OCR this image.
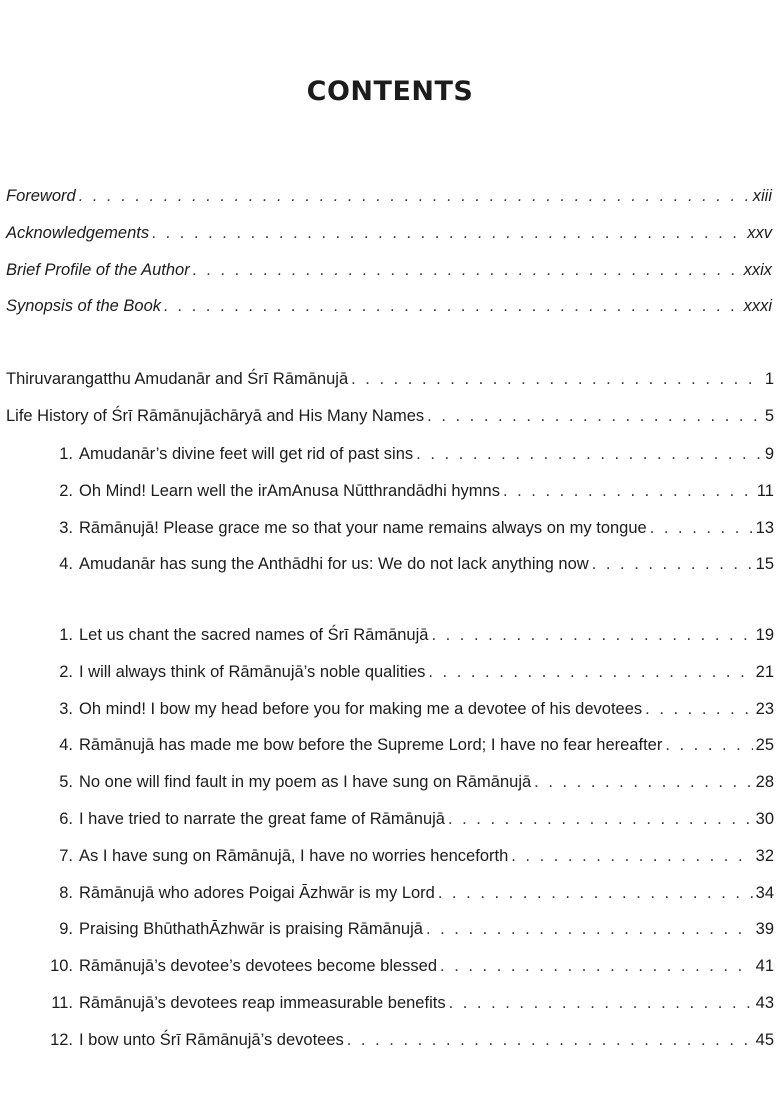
CONTENTS
Foreword . . .	xiii
Acknowledgements . . .	xxv
Brief Profile of the Author . . .	xxix
Synopsis of the Book . . .	xxxi
Thiruvarangatthu Amudanār and Śrī Rāmānujā . . .	1
Life History of Śrī Rāmānujāchāryā and His Many Names . . .	5
1. Amudanār’s divine feet will get rid of past sins . . .	9
2. Oh Mind! Learn well the irAmAnusa Nūtthrandādhi hymns . . .	11
3. Rāmānujā! Please grace me so that your name remains always on my tongue . . .	13
4. Amudanār has sung the Anthādhi for us: We do not lack anything now . . .	15
1. Let us chant the sacred names of Śrī Rāmānujā . . .	19
2. I will always think of Rāmānujā’s noble qualities . . .	21
3. Oh mind! I bow my head before you for making me a devotee of his devotees . . .	23
4. Rāmānujā has made me bow before the Supreme Lord; I have no fear hereafter . . .	25
5. No one will find fault in my poem as I have sung on Rāmānujā . . .	28
6. I have tried to narrate the great fame of Rāmānujā . . .	30
7. As I have sung on Rāmānujā, I have no worries henceforth . . .	32
8. Rāmānujā who adores Poigai Āzhwār is my Lord . . .	34
9. Praising BhūthathĀzhwār is praising Rāmānujā . . .	39
10. Rāmānujā’s devotee’s devotees become blessed . . .	41
11. Rāmānujā’s devotees reap immeasurable benefits . . .	43
12. I bow unto Śrī Rāmānujā’s devotees . . .	45
